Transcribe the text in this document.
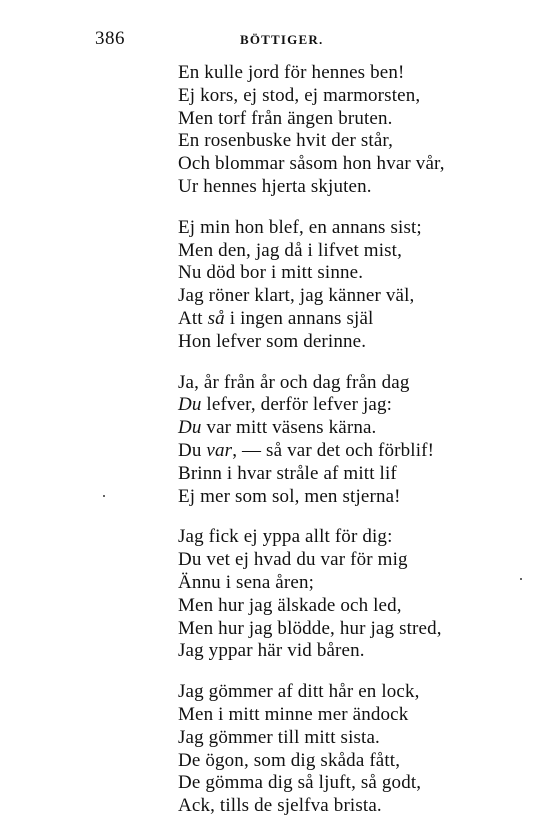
386	BÖTTIGER.
En kulle jord för hennes ben!
Ej kors, ej stod, ej marmorsten,
Men torf från ängen bruten.
En rosenbuske hvit der står,
Och blommar såsom hon hvar vår,
Ur hennes hjerta skjuten.
Ej min hon blef, en annans sist;
Men den, jag då i lifvet mist,
Nu död bor i mitt sinne.
Jag röner klart, jag känner väl,
Att så i ingen annans själ
Hon lefver som derinne.
Ja, år från år och dag från dag
Du lefver, derför lefver jag:
Du var mitt väsens kärna.
Du var, — så var det och förblif!
Brinn i hvar stråle af mitt lif
Ej mer som sol, men stjerna!
Jag fick ej yppa allt för dig:
Du vet ej hvad du var för mig
Ännu i sena åren;
Men hur jag älskade och led,
Men hur jag blödde, hur jag stred,
Jag yppar här vid båren.
Jag gömmer af ditt hår en lock,
Men i mitt minne mer ändock
Jag gömmer till mitt sista.
De ögon, som dig skåda fått,
De gömma dig så ljuft, så godt,
Ack, tills de sjelfva brista.
